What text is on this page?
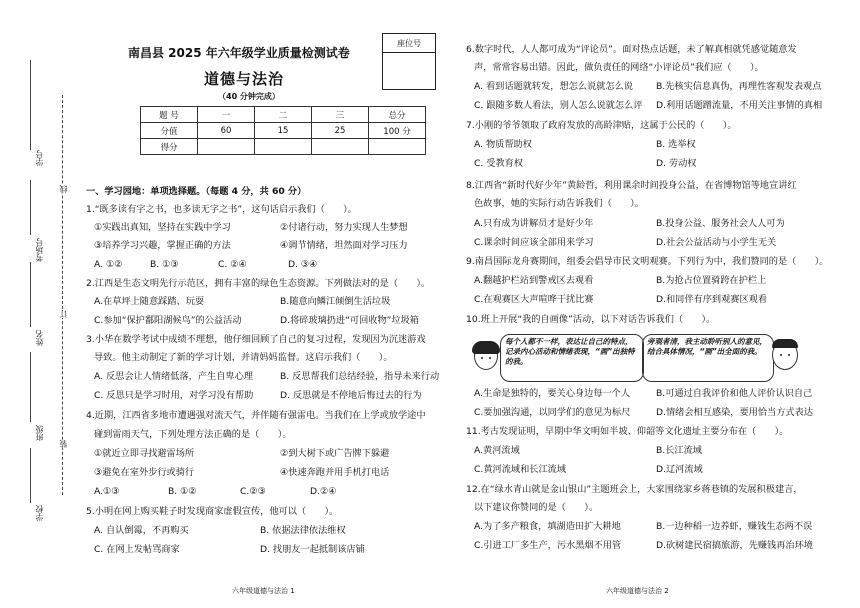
学号
考场号
姓名
班级
学校
线
订
装
南昌县 2025 年六年级学业质量检测试卷
道德与法治
（40 分钟完成）
座位号

题 号	一	二	三	总分
分值	60	15	25	100 分
得分				
一、学习园地：单项选择题。（每题 4 分，共 60 分）
1.“既多读有字之书，也多读无字之书”，这句话启示我们（　　）。
①实践出真知，坚持在实践中学习	②付诸行动，努力实现人生梦想
③培养学习兴趣，掌握正确的方法	④调节情绪，坦然面对学习压力
A. ①②	B. ①③	C. ②④	D. ③④
2.江西是生态文明先行示范区，拥有丰富的绿色生态资源。下列做法对的是（　　）。
A.在草坪上随意踩踏、玩耍	B.随意向鳞江倾倒生活垃圾
C.参加“保护鄱阳湖候鸟”的公益活动	D.将碎玻璃扔进“可回收物”垃圾箱
3.小华在数学考试中成绩不理想，他仔细回顾了自己的复习过程，发现因为沉迷游戏
导致。他主动制定了新的学习计划，并请妈妈监督。这启示我们（　　）。
A. 反思会让人情绪低落，产生自卑心理	B. 反思帮我们总结经验，指导未来行动
C. 反思只是学习时用，对学习没有帮助	D. 反思就是不停地后悔过去的行为
4.近期，江西省多地市遭遇强对流天气，并伴随有强雷电。当我们在上学或放学途中
碰到雷雨天气，下列处理方法正确的是（　　）。
①就近立即寻找避雷场所	②到大树下或广告牌下躲避
③避免在室外步行或骑行	④快速奔跑并用手机打电话
A.①③	B. ①②	C.②③	D.②④
5.小明在网上购买鞋子时发现商家虚假宣传，他可以（　　）。
A. 自认倒霉，不再购买	B. 依据法律依法维权
C. 在网上发帖骂商家	D. 找朋友一起抵制该店铺
六年级道德与法治 1
6.数字时代，人人都可成为“评论员”。面对热点话题，未了解真相就凭感觉随意发
声，常常容易出错。因此，做负责任的网络“小评论员”我们应（　　）。
A. 看到话题就转发，想怎么说就怎么说	B.先核实信息真伪，再理性客观发表观点
C. 跟随多数人看法，别人怎么说就怎么评 D.利用话题蹭流量，不用关注事情的真相
7.小刚的爷爷领取了政府发放的高龄津贴，这属于公民的（　　）。
A. 物质帮助权	B. 选举权
C. 受教育权	D. 劳动权
8.江西省“新时代好少年”黄龄哲，利用课余时间投身公益，在省博物馆等地宣讲红
色故事，她的实际行动告诉我们（　　）。
A.只有成为讲解员才是好少年	B.投身公益、服务社会人人可为
C.课余时间应该全部用来学习	D.社会公益活动与小学生无关
9.南昌国际龙舟赛期间，组委会倡导市民文明观赛。下列行为中，我们赞同的是（　　）。
A.翻越护栏站到警戒区去观看	B.为抢占位置骑跨在护栏上
C.在观赛区大声喧哗干扰比赛	D.和同伴有序到观赛区观看
10.班上开展“我的自画像”活动，以下对话告诉我们（　　）。
每个人都不一样，表达让自己的特点，记录内心活动和情绪表现，“画”出独特的我。
旁观者清，我主动聆听别人的意见，结合具体情况，“画”出全面的我。
A.生命是独特的，要关心身边每一个人	B.可通过自我评价和他人评价认识自己
C.要加强沟通，以同学们的意见为标尺	D.情绪会相互感染，要用恰当方式表达
11.考古发现证明，早期中华文明如半坡、仰韶等文化遗址主要分布在（　　）。
A.黄河流域	B.长江流域
C.黄河流域和长江流域	D.辽河流域
12.在“绿水青山就是金山银山”主题班会上，大家围绕家乡蒋巷镇的发展积极建言，
以下建议你赞同的是（　　）。
A.为了多产粮食，填湖造田扩大耕地	B.一边种稻一边养虾，赚钱生态两不误
C.引进工厂多生产，污水黑烟不用管	D.砍树建民宿搞旅游，先赚钱再治环境
六年级道德与法治 2
